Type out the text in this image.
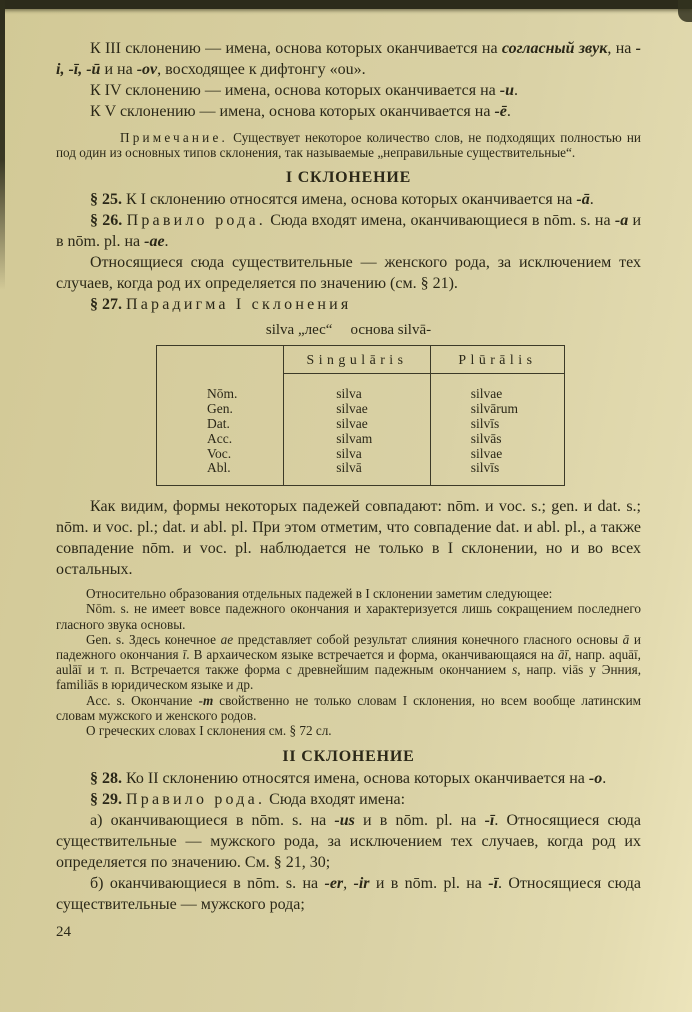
К III склонению — имена, основа которых оканчивается на согласный звук, на -i, -ī, -ū и на -ov, восходящее к дифтонгу «ou».

К IV склонению — имена, основа которых оканчивается на -u.

К V склонению — имена, основа которых оканчивается на -ē.

Примечание. Существует некоторое количество слов, не подходящих полностью ни под один из основных типов склонения, так называемые „неправильные существительные“.

I СКЛОНЕНИЕ

§ 25. К I склонению относятся имена, основа которых оканчивается на -ā.

§ 26. Правило рода. Сюда входят имена, оканчивающиеся в nōm. s. на -a и в nōm. pl. на -ae.

Относящиеся сюда существительные — женского рода, за исключением тех случаев, когда род их определяется по значению (см. § 21).

§ 27. Парадигма I склонения

silva „лес“ основа silvā-
	Singulāris	Plūrālis
Nōm.	silva	silvae
Gen.	silvae	silvārum
Dat.	silvae	silvīs
Acc.	silvam	silvās
Voc.	silva	silvae
Abl.	silvā	silvīs

Как видим, формы некоторых падежей совпадают: nōm. и voc. s.; gen. и dat. s.; nōm. и voc. pl.; dat. и abl. pl. При этом отметим, что совпадение dat. и abl. pl., а также совпадение nōm. и voc. pl. наблюдается не только в I склонении, но и во всех остальных.

Относительно образования отдельных падежей в I склонении заметим следующее:

Nōm. s. не имеет вовсе падежного окончания и характеризуется лишь сокращением последнего гласного звука основы.

Gen. s. Здесь конечное ae представляет собой результат слияния конечного гласного основы ā и падежного окончания ī. В архаическом языке встречается и форма, оканчивающаяся на āī, напр. aquāī, aulāī и т. п. Встречается также форма с древнейшим падежным окончанием s, напр. viās у Энния, familiās в юридическом языке и др.

Acc. s. Окончание -m свойственно не только словам I склонения, но всем вообще латинским словам мужского и женского родов.

О греческих словах I склонения см. § 72 сл.

II СКЛОНЕНИЕ

§ 28. Ко II склонению относятся имена, основа которых оканчивается на -o.

§ 29. Правило рода. Сюда входят имена:

а) оканчивающиеся в nōm. s. на -us и в nōm. pl. на -ī. Относящиеся сюда существительные — мужского рода, за исключением тех случаев, когда род их определяется по значению. См. § 21, 30;

б) оканчивающиеся в nōm. s. на -er, -ir и в nōm. pl. на -ī. Относящиеся сюда существительные — мужского рода;

24
